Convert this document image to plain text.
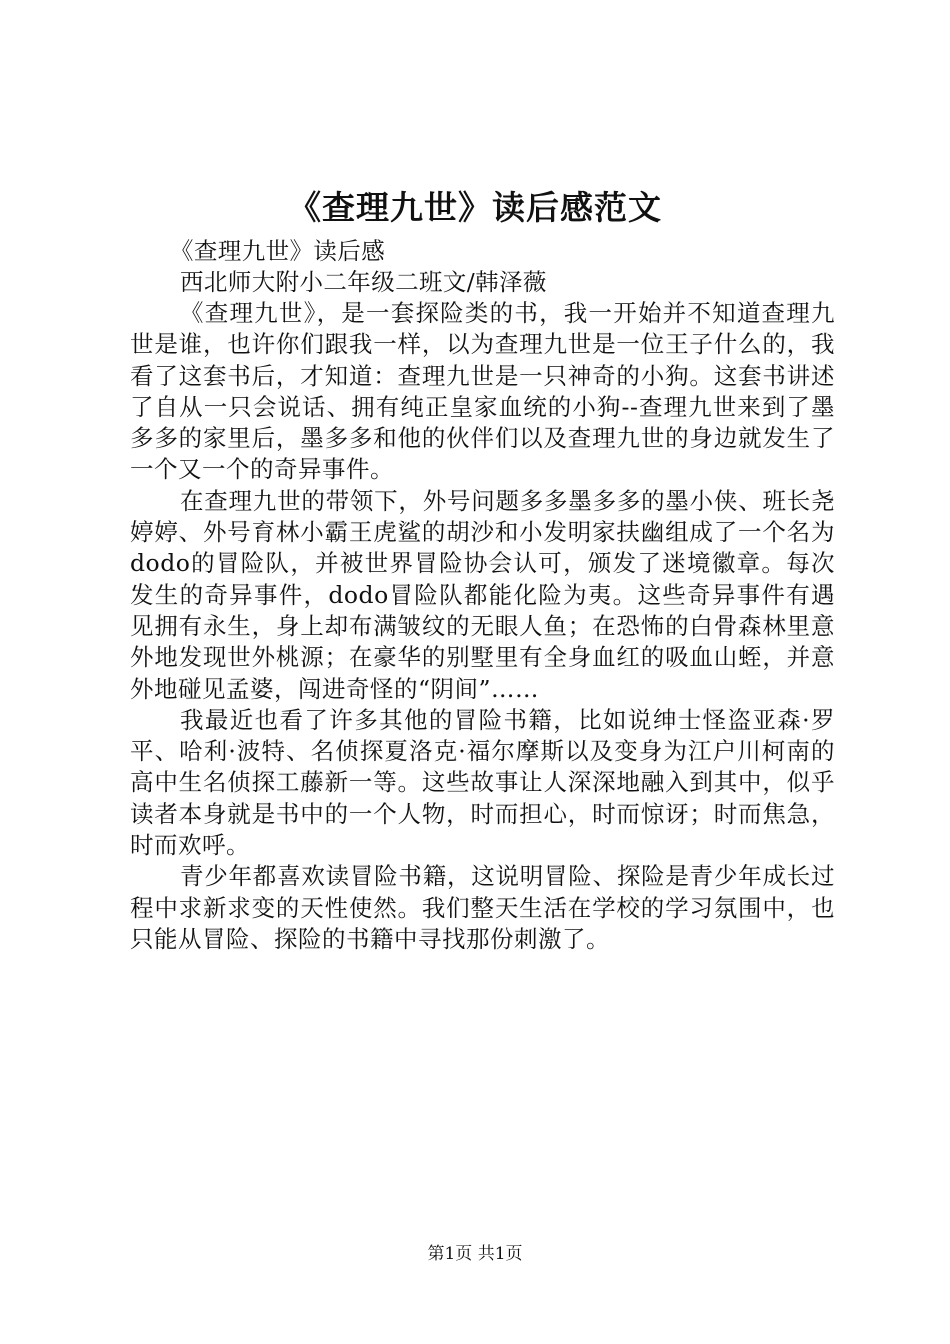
《查理九世》读后感范文
《查理九世》读后感
西北师大附小二年级二班文/韩泽薇

《查理九世》，是一套探险类的书，我一开始并不知道查理九世是谁，也许你们跟我一样，以为查理九世是一位王子什么的，我看了这套书后，才知道：查理九世是一只神奇的小狗。这套书讲述了自从一只会说话、拥有纯正皇家血统的小狗--查理九世来到了墨多多的家里后，墨多多和他的伙伴们以及查理九世的身边就发生了一个又一个的奇异事件。

在查理九世的带领下，外号问题多多墨多多的墨小侠、班长尧婷婷、外号育林小霸王虎鲨的胡沙和小发明家扶幽组成了一个名为dodo的冒险队，并被世界冒险协会认可，颁发了迷境徽章。每次发生的奇异事件，dodo冒险队都能化险为夷。这些奇异事件有遇见拥有永生，身上却布满皱纹的无眼人鱼；在恐怖的白骨森林里意外地发现世外桃源；在豪华的别墅里有全身血红的吸血山蛭，并意外地碰见孟婆，闯进奇怪的“阴间”……

我最近也看了许多其他的冒险书籍，比如说绅士怪盗亚森·罗平、哈利·波特、名侦探夏洛克·福尔摩斯以及变身为江户川柯南的高中生名侦探工藤新一等。这些故事让人深深地融入到其中，似乎读者本身就是书中的一个人物，时而担心，时而惊讶；时而焦急，时而欢呼。

青少年都喜欢读冒险书籍，这说明冒险、探险是青少年成长过程中求新求变的天性使然。我们整天生活在学校的学习氛围中，也只能从冒险、探险的书籍中寻找那份刺激了。

第1页 共1页
